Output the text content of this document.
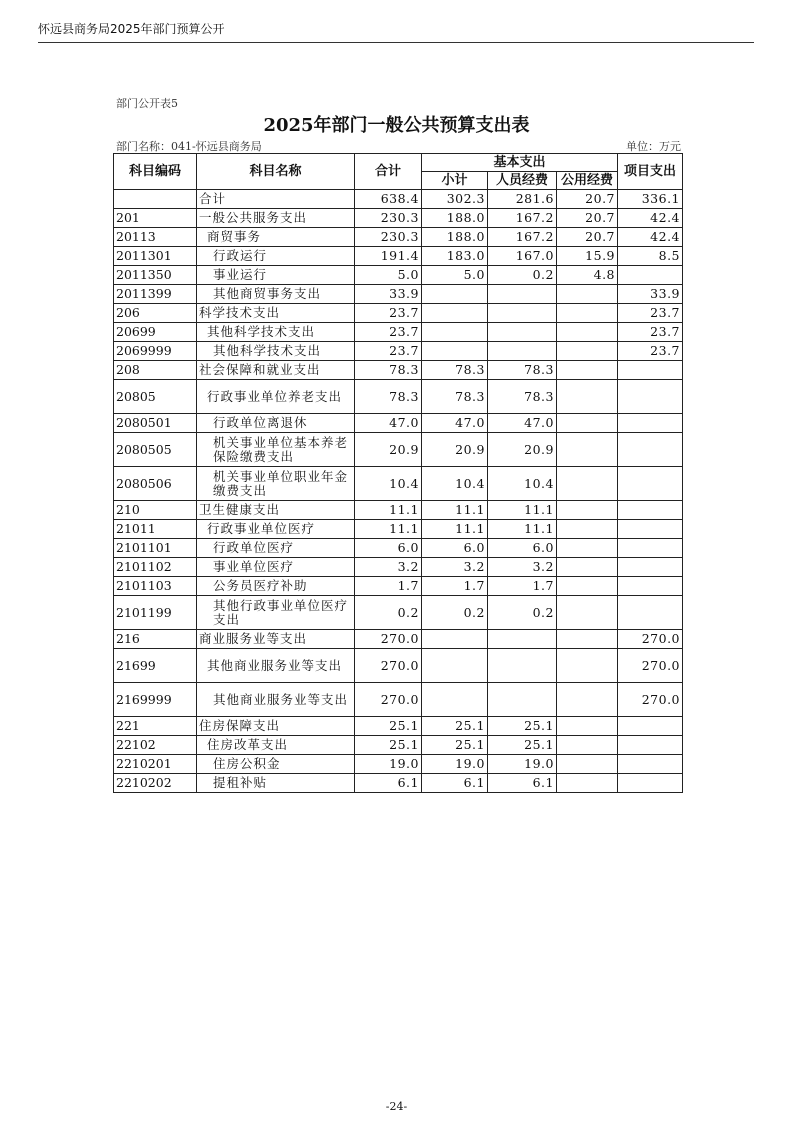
怀远县商务局2025年部门预算公开
部门公开表5
2025年部门一般公共预算支出表
部门名称：041-怀远县商务局	单位：万元
科目编码	科目名称	合计	基本支出			项目支出
			小计	人员经费	公用经费	
	合计	638.4	302.3	281.6	20.7	336.1
201	一般公共服务支出	230.3	188.0	167.2	20.7	42.4
20113	商贸事务	230.3	188.0	167.2	20.7	42.4
2011301	行政运行	191.4	183.0	167.0	15.9	8.5
2011350	事业运行	5.0	5.0	0.2	4.8	
2011399	其他商贸事务支出	33.9				33.9
206	科学技术支出	23.7				23.7
20699	其他科学技术支出	23.7				23.7
2069999	其他科学技术支出	23.7				23.7
208	社会保障和就业支出	78.3	78.3	78.3		
20805	行政事业单位养老支出	78.3	78.3	78.3		
2080501	行政单位离退休	47.0	47.0	47.0		
2080505	机关事业单位基本养老保险缴费支出	20.9	20.9	20.9		
2080506	机关事业单位职业年金缴费支出	10.4	10.4	10.4		
210	卫生健康支出	11.1	11.1	11.1		
21011	行政事业单位医疗	11.1	11.1	11.1		
2101101	行政单位医疗	6.0	6.0	6.0		
2101102	事业单位医疗	3.2	3.2	3.2		
2101103	公务员医疗补助	1.7	1.7	1.7		
2101199	其他行政事业单位医疗支出	0.2	0.2	0.2		
216	商业服务业等支出	270.0				270.0
21699	其他商业服务业等支出	270.0				270.0
2169999	其他商业服务业等支出	270.0				270.0
221	住房保障支出	25.1	25.1	25.1		
22102	住房改革支出	25.1	25.1	25.1		
2210201	住房公积金	19.0	19.0	19.0		
2210202	提租补贴	6.1	6.1	6.1		
-24-
